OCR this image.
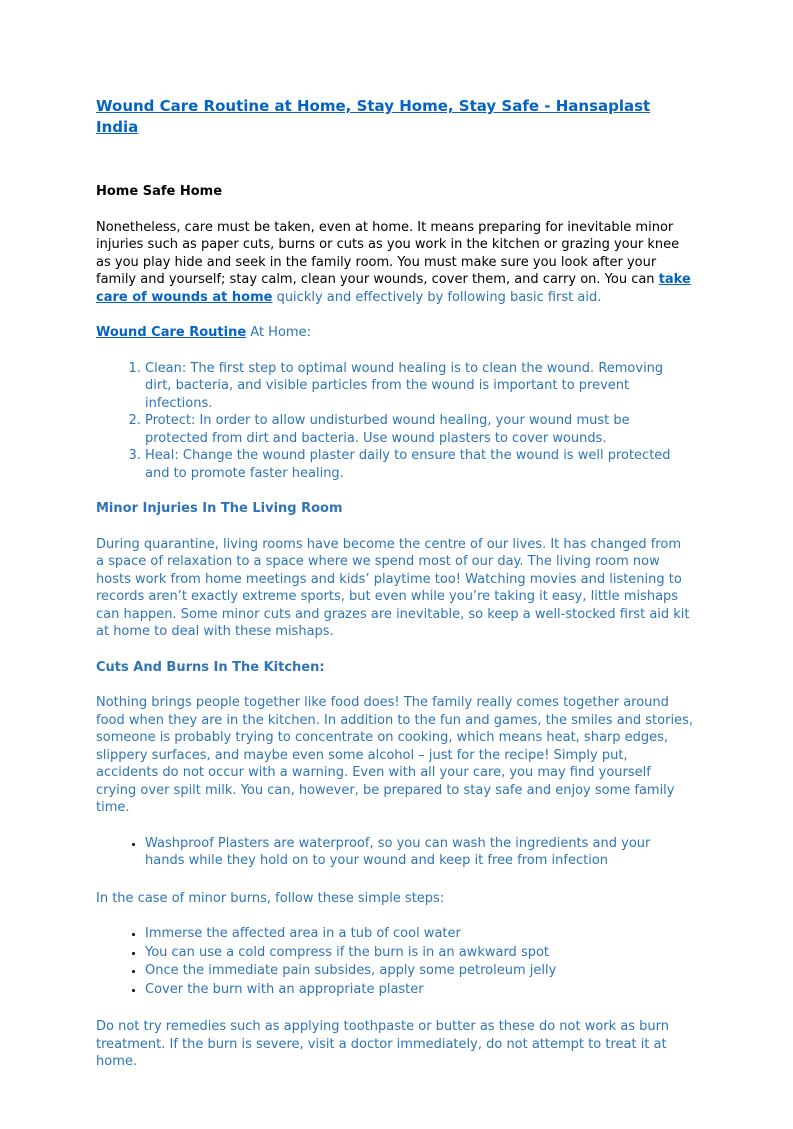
Wound Care Routine at Home, Stay Home, Stay Safe - Hansaplast India
Home Safe Home

Nonetheless, care must be taken, even at home. It means preparing for inevitable minor injuries such as paper cuts, burns or cuts as you work in the kitchen or grazing your knee as you play hide and seek in the family room. You must make sure you look after your family and yourself; stay calm, clean your wounds, cover them, and carry on. You can take care of wounds at home quickly and effectively by following basic first aid.

Wound Care Routine At Home:

1. Clean: The first step to optimal wound healing is to clean the wound. Removing dirt, bacteria, and visible particles from the wound is important to prevent infections.
2. Protect: In order to allow undisturbed wound healing, your wound must be protected from dirt and bacteria. Use wound plasters to cover wounds.
3. Heal: Change the wound plaster daily to ensure that the wound is well protected and to promote faster healing.
Minor Injuries In The Living Room

During quarantine, living rooms have become the centre of our lives. It has changed from a space of relaxation to a space where we spend most of our day. The living room now hosts work from home meetings and kids’ playtime too! Watching movies and listening to records aren’t exactly extreme sports, but even while you’re taking it easy, little mishaps can happen. Some minor cuts and grazes are inevitable, so keep a well-stocked first aid kit at home to deal with these mishaps.

Cuts And Burns In The Kitchen:

Nothing brings people together like food does! The family really comes together around food when they are in the kitchen. In addition to the fun and games, the smiles and stories, someone is probably trying to concentrate on cooking, which means heat, sharp edges, slippery surfaces, and maybe even some alcohol – just for the recipe! Simply put, accidents do not occur with a warning. Even with all your care, you may find yourself crying over spilt milk. You can, however, be prepared to stay safe and enjoy some family time.

• Washproof Plasters are waterproof, so you can wash the ingredients and your hands while they hold on to your wound and keep it free from infection

In the case of minor burns, follow these simple steps:

• Immerse the affected area in a tub of cool water
• You can use a cold compress if the burn is in an awkward spot
• Once the immediate pain subsides, apply some petroleum jelly
• Cover the burn with an appropriate plaster

Do not try remedies such as applying toothpaste or butter as these do not work as burn treatment. If the burn is severe, visit a doctor immediately, do not attempt to treat it at home.
